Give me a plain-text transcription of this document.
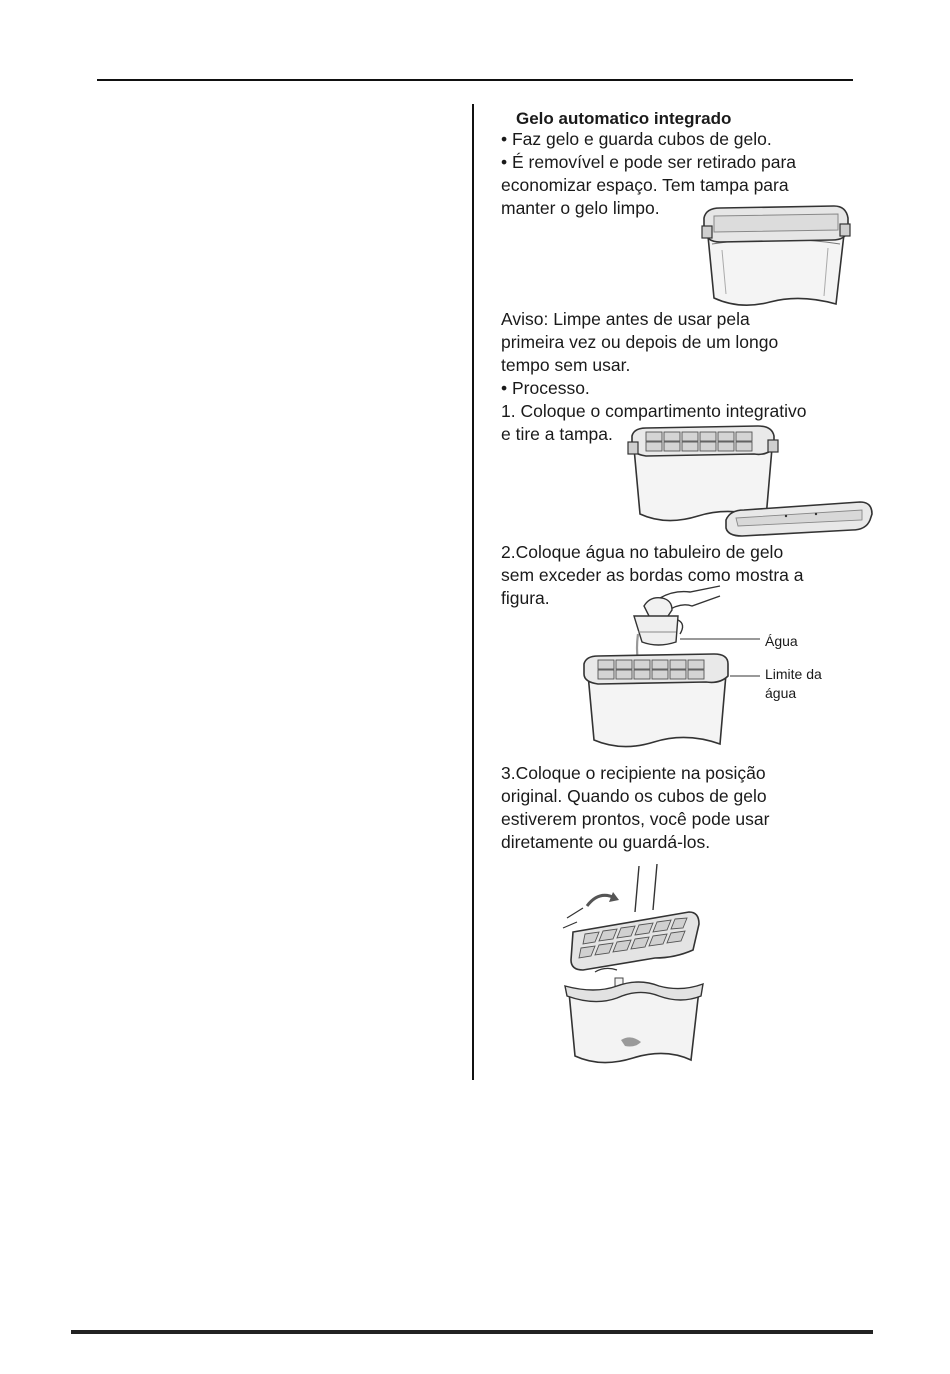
Gelo automatico integrado
• Faz gelo e guarda cubos de gelo.
• É removível e pode ser retirado para
economizar espaço. Tem tampa para
manter o gelo limpo.
Aviso: Limpe antes de usar pela
primeira vez ou depois de um longo
tempo sem usar.
• Processo.
1. Coloque o compartimento integrativo
e tire a tampa.
2.Coloque água no tabuleiro de gelo
sem exceder as bordas como mostra a
figura.
Água
Limite da
água
3.Coloque o recipiente na posição
original. Quando os cubos de gelo
estiverem prontos, você pode usar
diretamente ou guardá-los.
